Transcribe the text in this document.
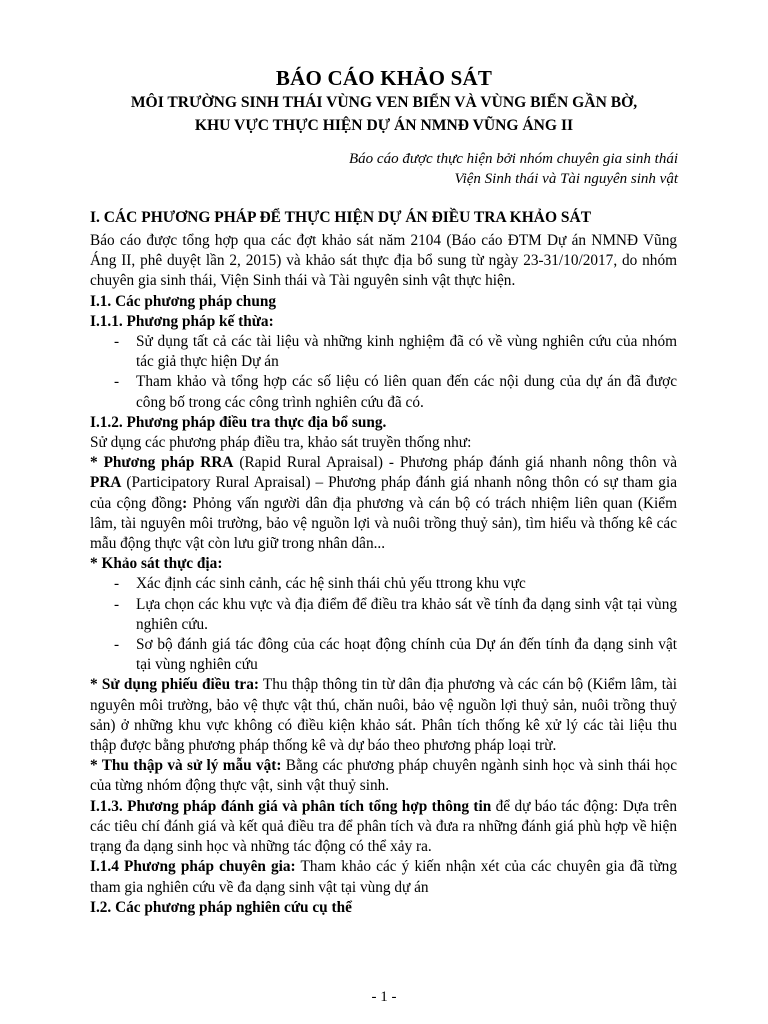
BÁO CÁO KHẢO SÁT
MÔI TRƯỜNG SINH THÁI VÙNG VEN BIỂN VÀ VÙNG BIỂN GẦN BỜ,
KHU VỰC THỰC HIỆN DỰ ÁN NMNĐ VŨNG ÁNG II
Báo cáo được thực hiện bởi nhóm chuyên gia sinh thái
Viện Sinh thái và Tài nguyên sinh vật

I. CÁC PHƯƠNG PHÁP ĐỂ THỰC HIỆN DỰ ÁN ĐIỀU TRA KHẢO SÁT

Báo cáo được tổng hợp qua các đợt khảo sát năm 2104 (Báo cáo ĐTM Dự án NMNĐ Vũng Áng II, phê duyệt lần 2, 2015) và khảo sát thực địa bổ sung từ ngày 23-31/10/2017, do nhóm chuyên gia sinh thái, Viện Sinh thái và Tài nguyên sinh vật thực hiện.

I.1. Các phương pháp chung

I.1.1. Phương pháp kế thừa:

- Sử dụng tất cả các tài liệu và những kinh nghiệm đã có về vùng nghiên cứu của nhóm tác giả thực hiện Dự án
- Tham khảo và tổng hợp các số liệu có liên quan đến các nội dung của dự án đã được công bố trong các công trình nghiên cứu đã có.

I.1.2. Phương pháp điều tra thực địa bổ sung.

Sử dụng các phương pháp điều tra, khảo sát truyền thống như:

* Phương pháp RRA (Rapid Rural Apraisal) - Phương pháp đánh giá nhanh nông thôn và PRA (Participatory Rural Apraisal) – Phương pháp đánh giá nhanh nông thôn có sự tham gia của cộng đồng: Phỏng vấn người dân địa phương và cán bộ có trách nhiệm liên quan (Kiểm lâm, tài nguyên môi trường, bảo vệ nguồn lợi và nuôi trồng thuỷ sản), tìm hiểu và thống kê các mẫu động thực vật còn lưu giữ trong nhân dân...

* Khảo sát thực địa:

- Xác định các sinh cảnh, các hệ sinh thái chủ yếu ttrong khu vực
- Lựa chọn các khu vực và địa điểm để điều tra khảo sát về tính đa dạng sinh vật tại vùng nghiên cứu.
- Sơ bộ đánh giá tác đông của các hoạt động chính của Dự án đến tính đa dạng sinh vật tại vùng nghiên cứu

* Sử dụng phiếu điều tra: Thu thập thông tin từ dân địa phương và các cán bộ (Kiểm lâm, tài nguyên môi trường, bảo vệ thực vật thú, chăn nuôi, bảo vệ nguồn lợi thuỷ sản, nuôi trồng thuỷ sản) ở những khu vực không có điều kiện khảo sát. Phân tích thống kê xử lý các tài liệu thu thập được bằng phương pháp thống kê và dự báo theo phương pháp loại trừ.

* Thu thập và sử lý mẫu vật: Bằng các phương pháp chuyên ngành sinh học và sinh thái học của từng nhóm động thực vật, sinh vật thuỷ sinh.

I.1.3. Phương pháp đánh giá và phân tích tổng hợp thông tin để dự báo tác động: Dựa trên các tiêu chí đánh giá và kết quả điều tra để phân tích và đưa ra những đánh giá phù hợp về hiện trạng đa dạng sinh học và những tác động có thể xảy ra.

I.1.4 Phương pháp chuyên gia: Tham khảo các ý kiến nhận xét của các chuyên gia đã từng tham gia nghiên cứu về đa dạng sinh vật tại vùng dự án

I.2. Các phương pháp nghiên cứu cụ thể

- 1 -
